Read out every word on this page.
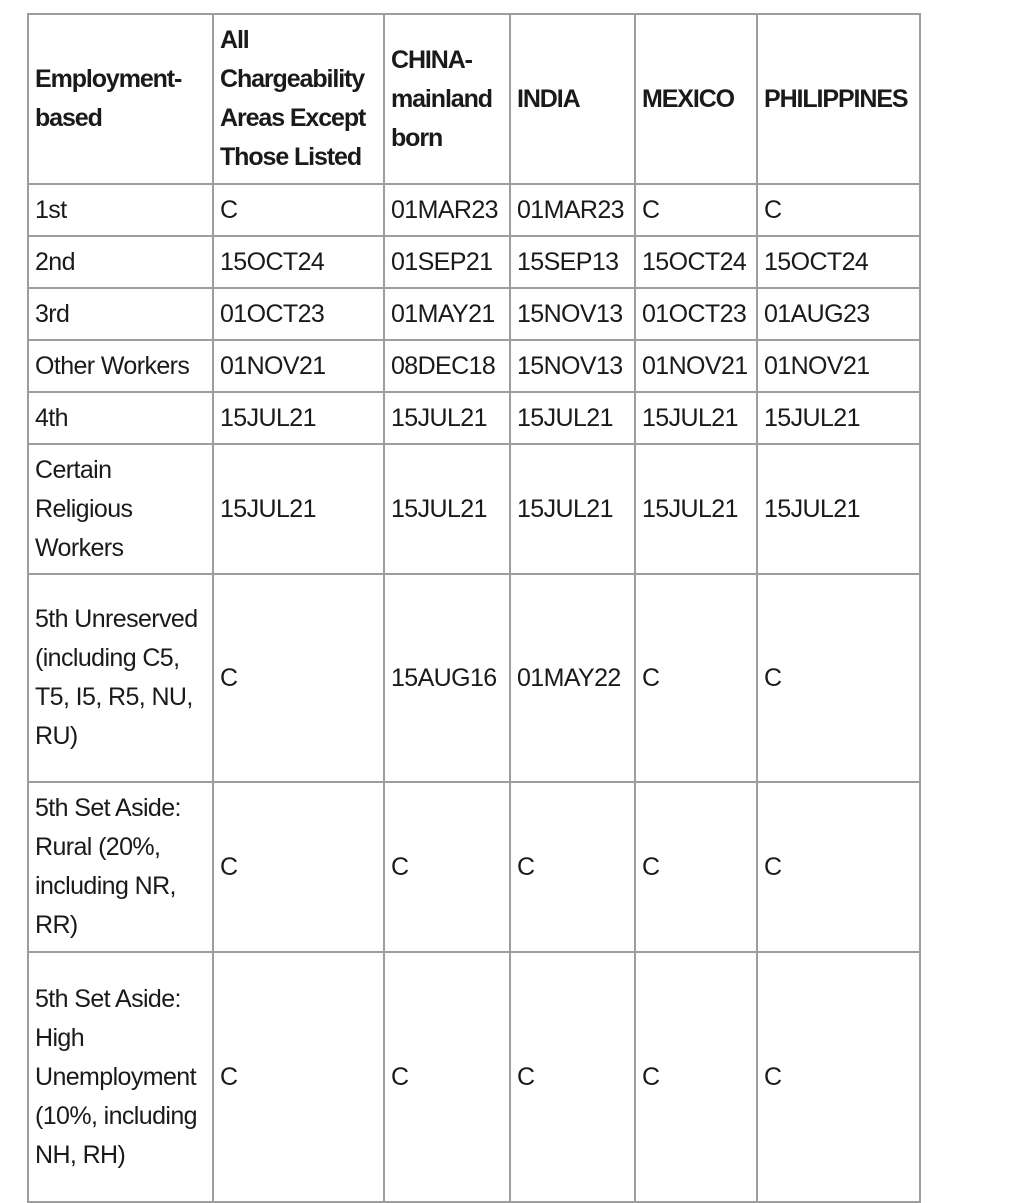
Employment-based	All Chargeability Areas Except Those Listed	CHINA-mainland born	INDIA	MEXICO	PHILIPPINES
1st	C	01MAR23	01MAR23	C	C
2nd	15OCT24	01SEP21	15SEP13	15OCT24	15OCT24
3rd	01OCT23	01MAY21	15NOV13	01OCT23	01AUG23
Other Workers	01NOV21	08DEC18	15NOV13	01NOV21	01NOV21
4th	15JUL21	15JUL21	15JUL21	15JUL21	15JUL21
Certain Religious Workers	15JUL21	15JUL21	15JUL21	15JUL21	15JUL21
5th Unreserved (including C5, T5, I5, R5, NU, RU)	C	15AUG16	01MAY22	C	C
5th Set Aside: Rural (20%, including NR, RR)	C	C	C	C	C
5th Set Aside: High Unemployment (10%, including NH, RH)	C	C	C	C	C
